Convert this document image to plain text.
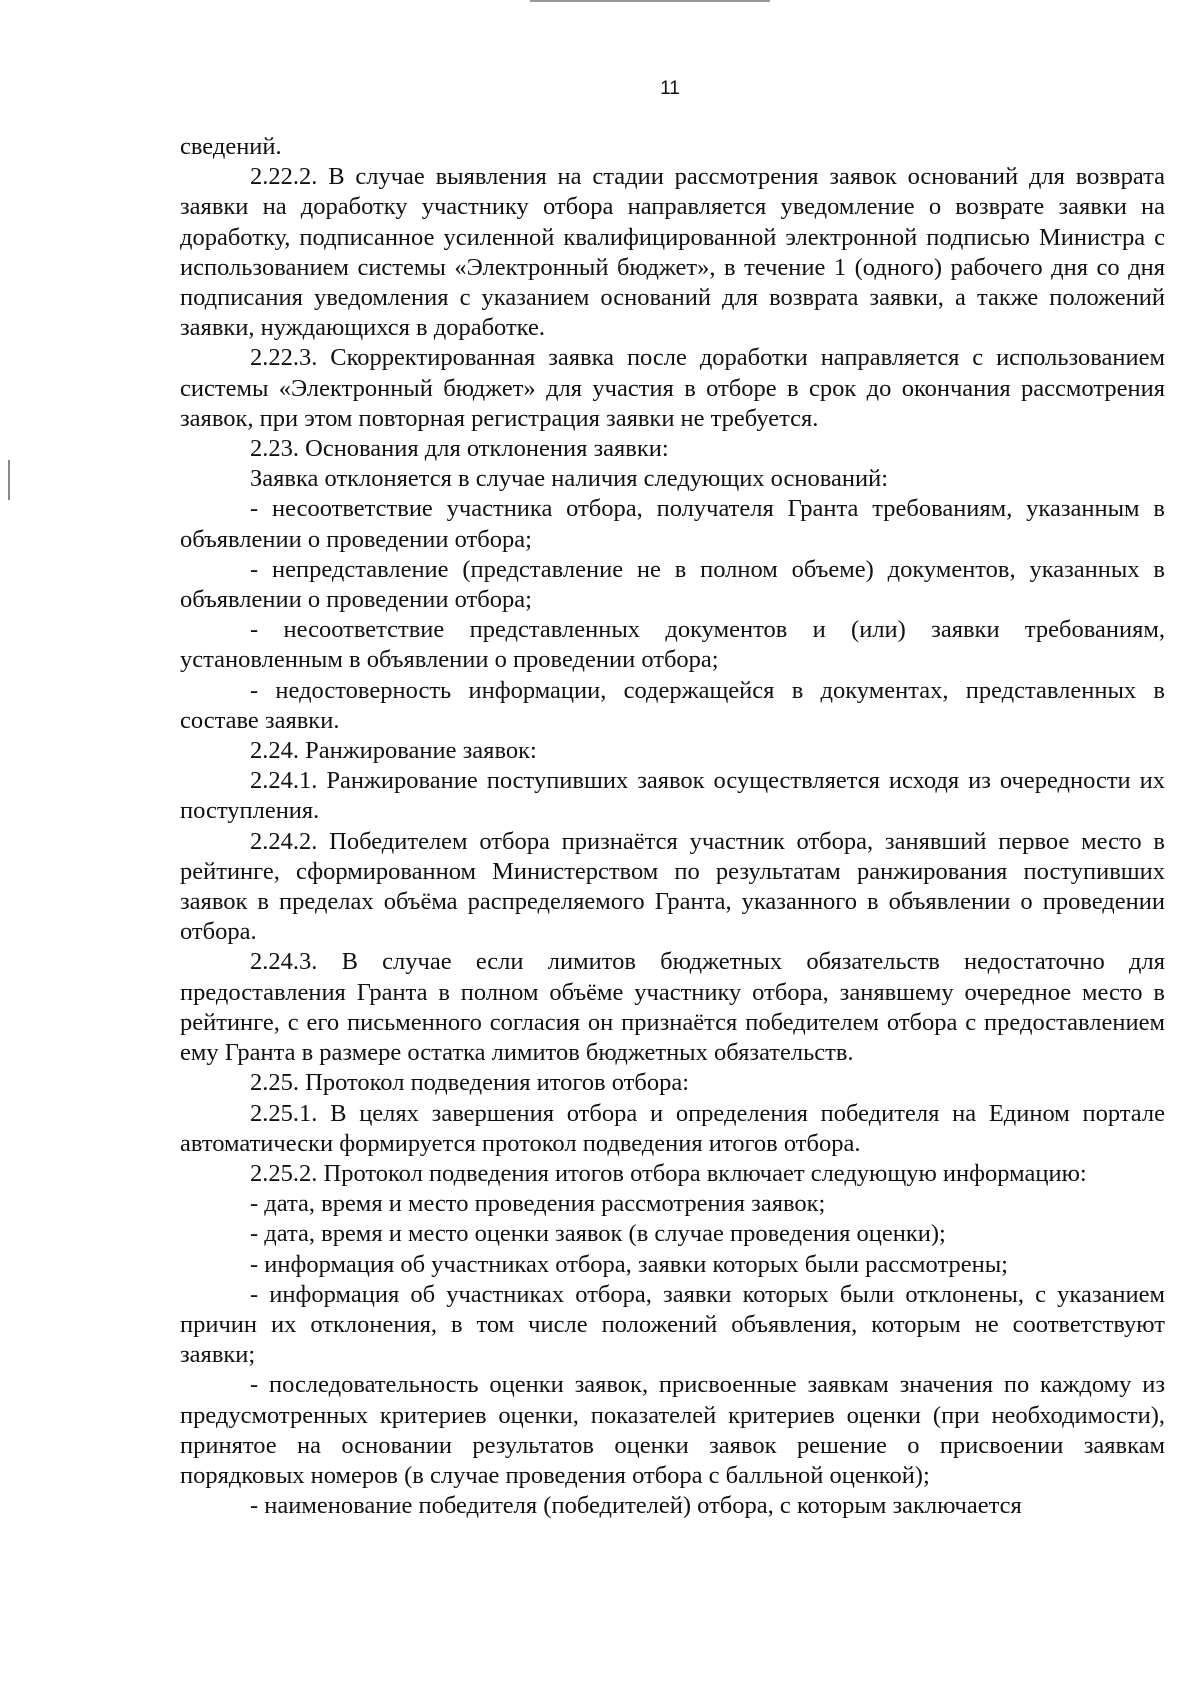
11

сведений.

2.22.2. В случае выявления на стадии рассмотрения заявок оснований для возврата заявки на доработку участнику отбора направляется уведомление о возврате заявки на доработку, подписанное усиленной квалифицированной электронной подписью Министра с использованием системы «Электронный бюджет», в течение 1 (одного) рабочего дня со дня подписания уведомления с указанием оснований для возврата заявки, а также положений заявки, нуждающихся в доработке.

2.22.3. Скорректированная заявка после доработки направляется с использованием системы «Электронный бюджет» для участия в отборе в срок до окончания рассмотрения заявок, при этом повторная регистрация заявки не требуется.

2.23. Основания для отклонения заявки:

Заявка отклоняется в случае наличия следующих оснований:

- несоответствие участника отбора, получателя Гранта требованиям, указанным в объявлении о проведении отбора;

- непредставление (представление не в полном объеме) документов, указанных в объявлении о проведении отбора;

- несоответствие представленных документов и (или) заявки требованиям, установленным в объявлении о проведении отбора;

- недостоверность информации, содержащейся в документах, представленных в составе заявки.

2.24. Ранжирование заявок:

2.24.1. Ранжирование поступивших заявок осуществляется исходя из очередности их поступления.

2.24.2. Победителем отбора признаётся участник отбора, занявший первое место в рейтинге, сформированном Министерством по результатам ранжирования поступивших заявок в пределах объёма распределяемого Гранта, указанного в объявлении о проведении отбора.

2.24.3. В случае если лимитов бюджетных обязательств недостаточно для предоставления Гранта в полном объёме участнику отбора, занявшему очередное место в рейтинге, с его письменного согласия он признаётся победителем отбора с предоставлением ему Гранта в размере остатка лимитов бюджетных обязательств.

2.25. Протокол подведения итогов отбора:

2.25.1. В целях завершения отбора и определения победителя на Едином портале автоматически формируется протокол подведения итогов отбора.

2.25.2. Протокол подведения итогов отбора включает следующую информацию:

- дата, время и место проведения рассмотрения заявок;

- дата, время и место оценки заявок (в случае проведения оценки);

- информация об участниках отбора, заявки которых были рассмотрены;

- информация об участниках отбора, заявки которых были отклонены, с указанием причин их отклонения, в том числе положений объявления, которым не соответствуют заявки;

- последовательность оценки заявок, присвоенные заявкам значения по каждому из предусмотренных критериев оценки, показателей критериев оценки (при необходимости), принятое на основании результатов оценки заявок решение о присвоении заявкам порядковых номеров (в случае проведения отбора с балльной оценкой);

- наименование победителя (победителей) отбора, с которым заключается
